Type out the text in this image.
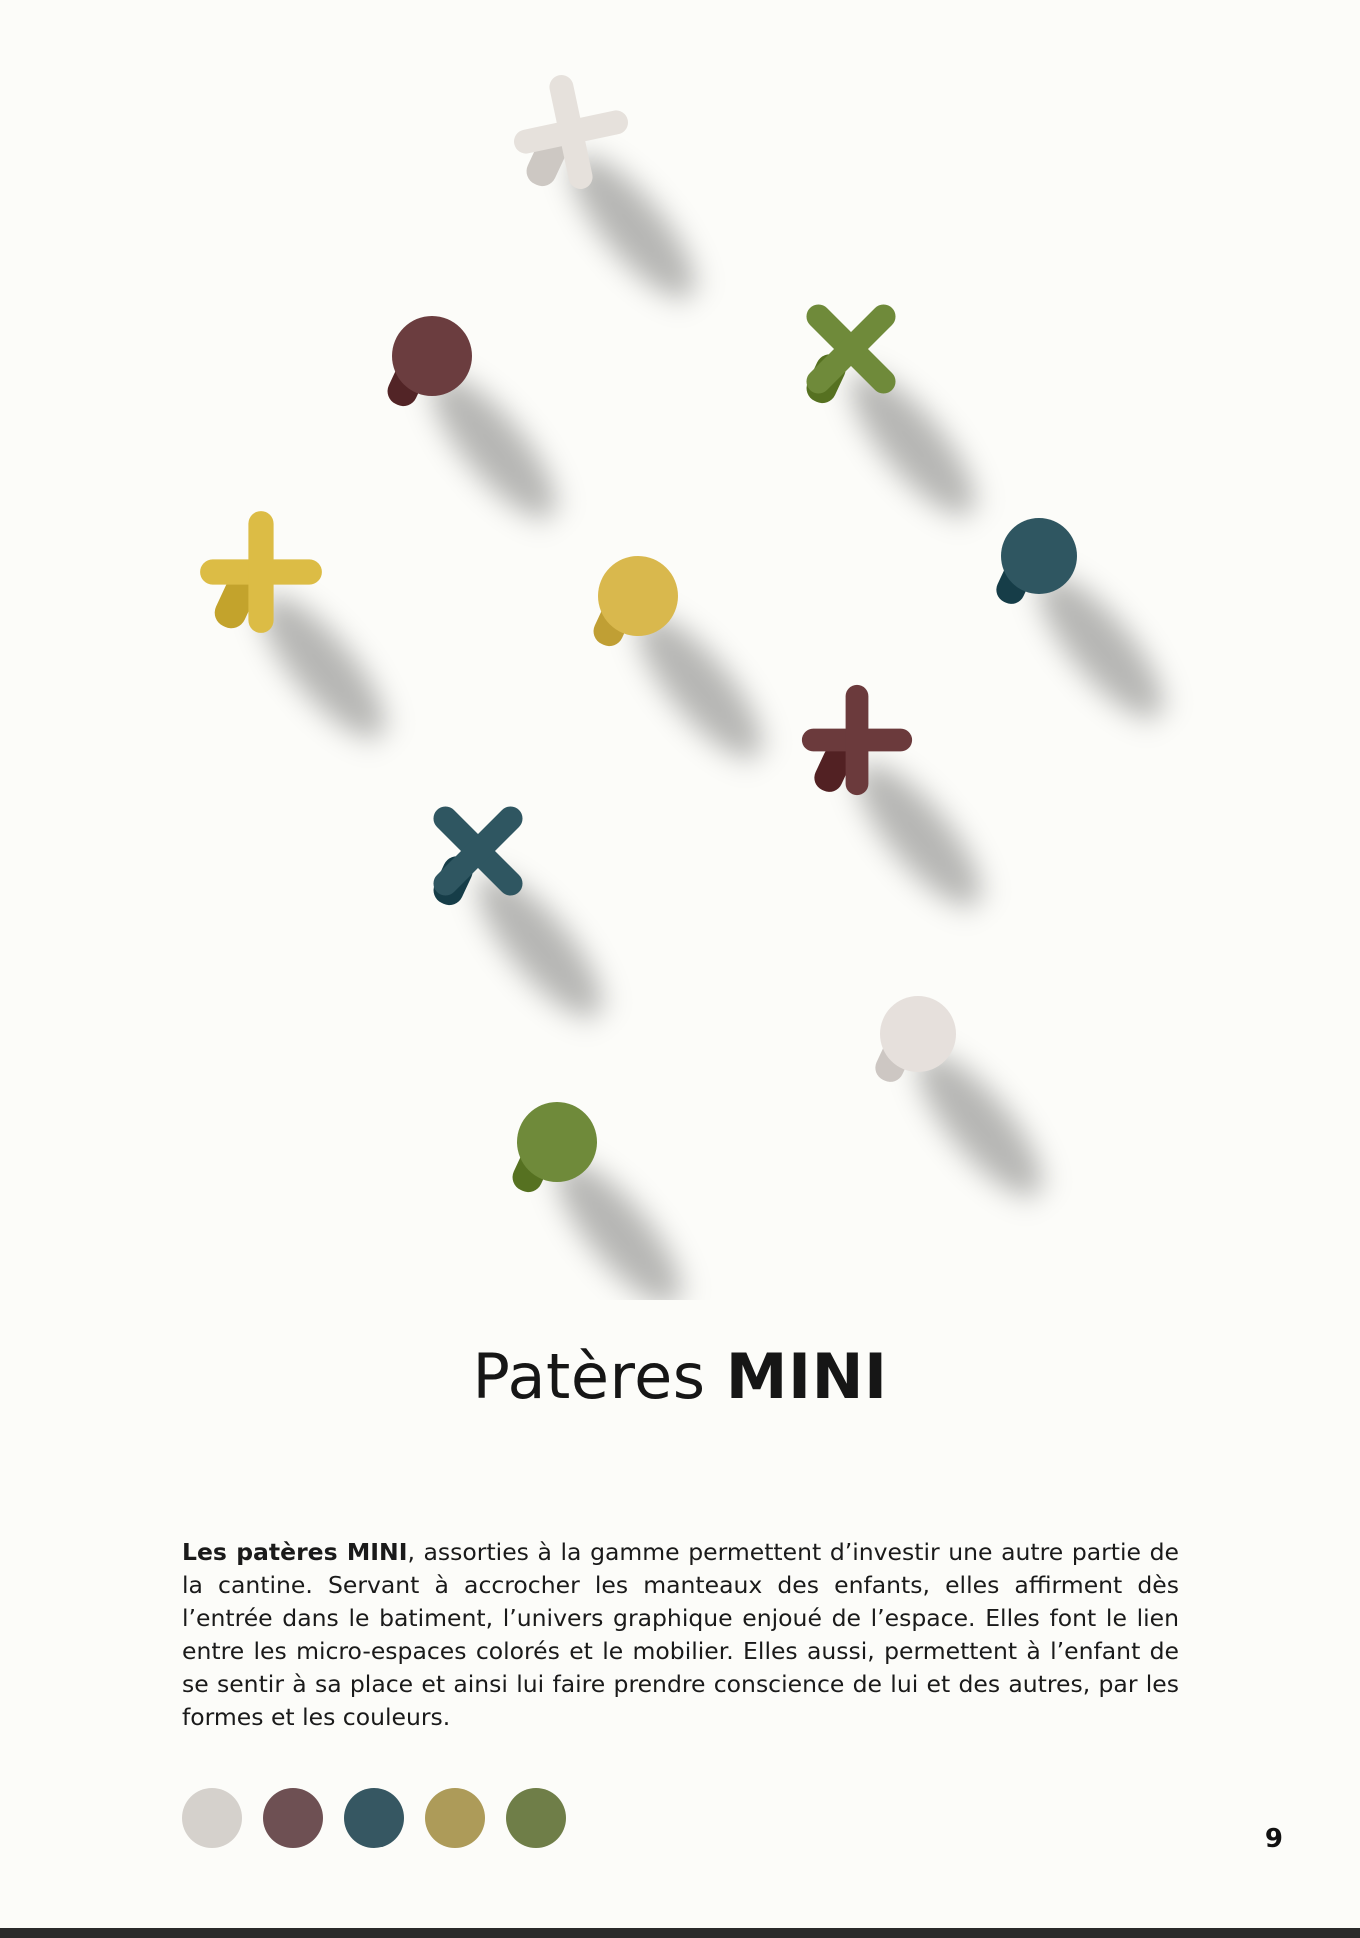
Patères MINI

Les patères MINI, assorties à la gamme permettent d’investir une autre partie de la cantine. Servant à accrocher les manteaux des enfants, elles affirment dès l’entrée dans le batiment, l’univers graphique enjoué de l’espace. Elles font le lien entre les micro-espaces colorés et le mobilier. Elles aussi, permettent à l’enfant de se sentir à sa place et ainsi lui faire prendre conscience de lui et des autres, par les formes et les couleurs.

9
